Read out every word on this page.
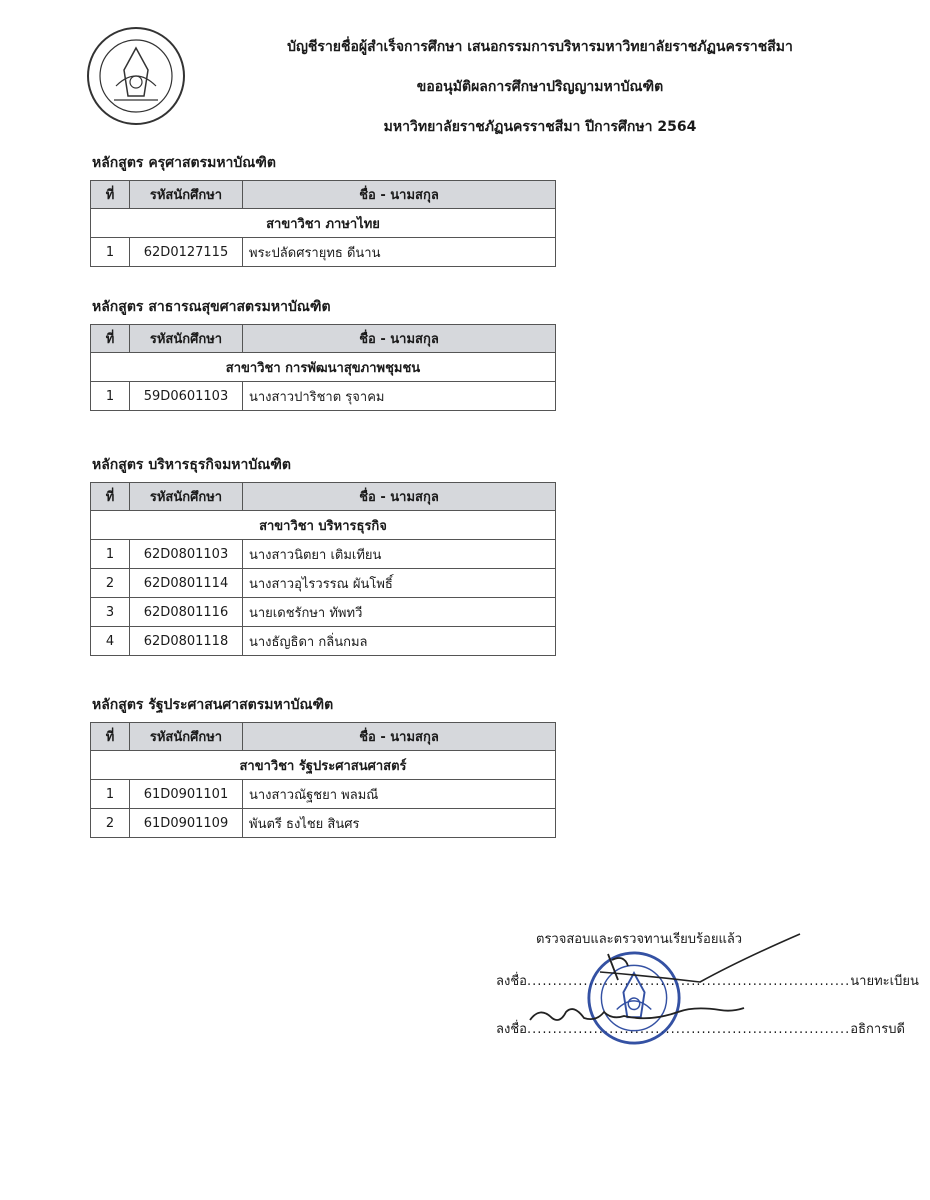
บัญชีรายชื่อผู้สำเร็จการศึกษา เสนอกรรมการบริหารมหาวิทยาลัยราชภัฏนครราชสีมา
ขออนุมัติผลการศึกษาปริญญามหาบัณฑิต
มหาวิทยาลัยราชภัฏนครราชสีมา ปีการศึกษา 2564
หลักสูตร ครุศาสตรมหาบัณฑิต
ที่	รหัสนักศึกษา	ชื่อ - นามสกุล
สาขาวิชา ภาษาไทย		
1	62D0127115	พระปลัดศรายุทธ ดีนาน
หลักสูตร สาธารณสุขศาสตรมหาบัณฑิต
ที่	รหัสนักศึกษา	ชื่อ - นามสกุล
สาขาวิชา การพัฒนาสุขภาพชุมชน		
1	59D0601103	นางสาวปาริชาต รุจาคม
หลักสูตร บริหารธุรกิจมหาบัณฑิต
ที่	รหัสนักศึกษา	ชื่อ - นามสกุล
สาขาวิชา บริหารธุรกิจ		
1	62D0801103	นางสาวนิตยา เติมเทียน
2	62D0801114	นางสาวอุไรวรรณ ผันโพธิ์
3	62D0801116	นายเดชรักษา ทัพทวี
4	62D0801118	นางธัญธิดา กลิ่นกมล
หลักสูตร รัฐประศาสนศาสตรมหาบัณฑิต
ที่	รหัสนักศึกษา	ชื่อ - นามสกุล
สาขาวิชา รัฐประศาสนศาสตร์		
1	61D0901101	นางสาวณัฐชยา พลมณี
2	61D0901109	พันตรี ธงไชย สินศร
ตรวจสอบและตรวจทานเรียบร้อยแล้ว
ลงชื่อ...............................................................นายทะเบียน
ลงชื่อ...............................................................อธิการบดี
